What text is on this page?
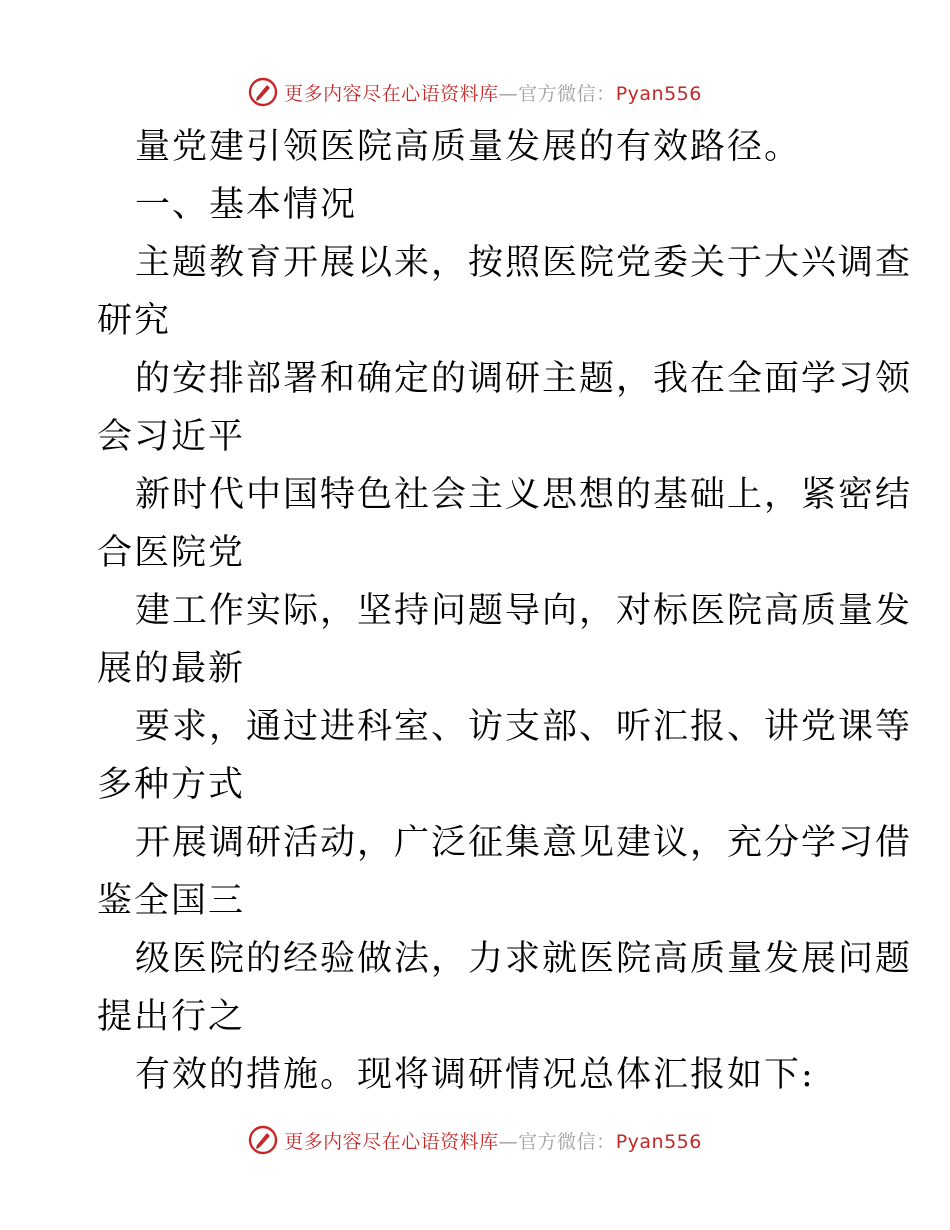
更多内容尽在心语资料库—官方微信：Pyan556
量党建引领医院高质量发展的有效路径。
一、基本情况
主题教育开展以来，按照医院党委关于大兴调查
研究
的安排部署和确定的调研主题，我在全面学习领
会习近平
新时代中国特色社会主义思想的基础上，紧密结
合医院党
建工作实际，坚持问题导向，对标医院高质量发
展的最新
要求，通过进科室、访支部、听汇报、讲党课等
多种方式
开展调研活动，广泛征集意见建议，充分学习借
鉴全国三
级医院的经验做法，力求就医院高质量发展问题
提出行之
有效的措施。现将调研情况总体汇报如下:
更多内容尽在心语资料库—官方微信：Pyan556
